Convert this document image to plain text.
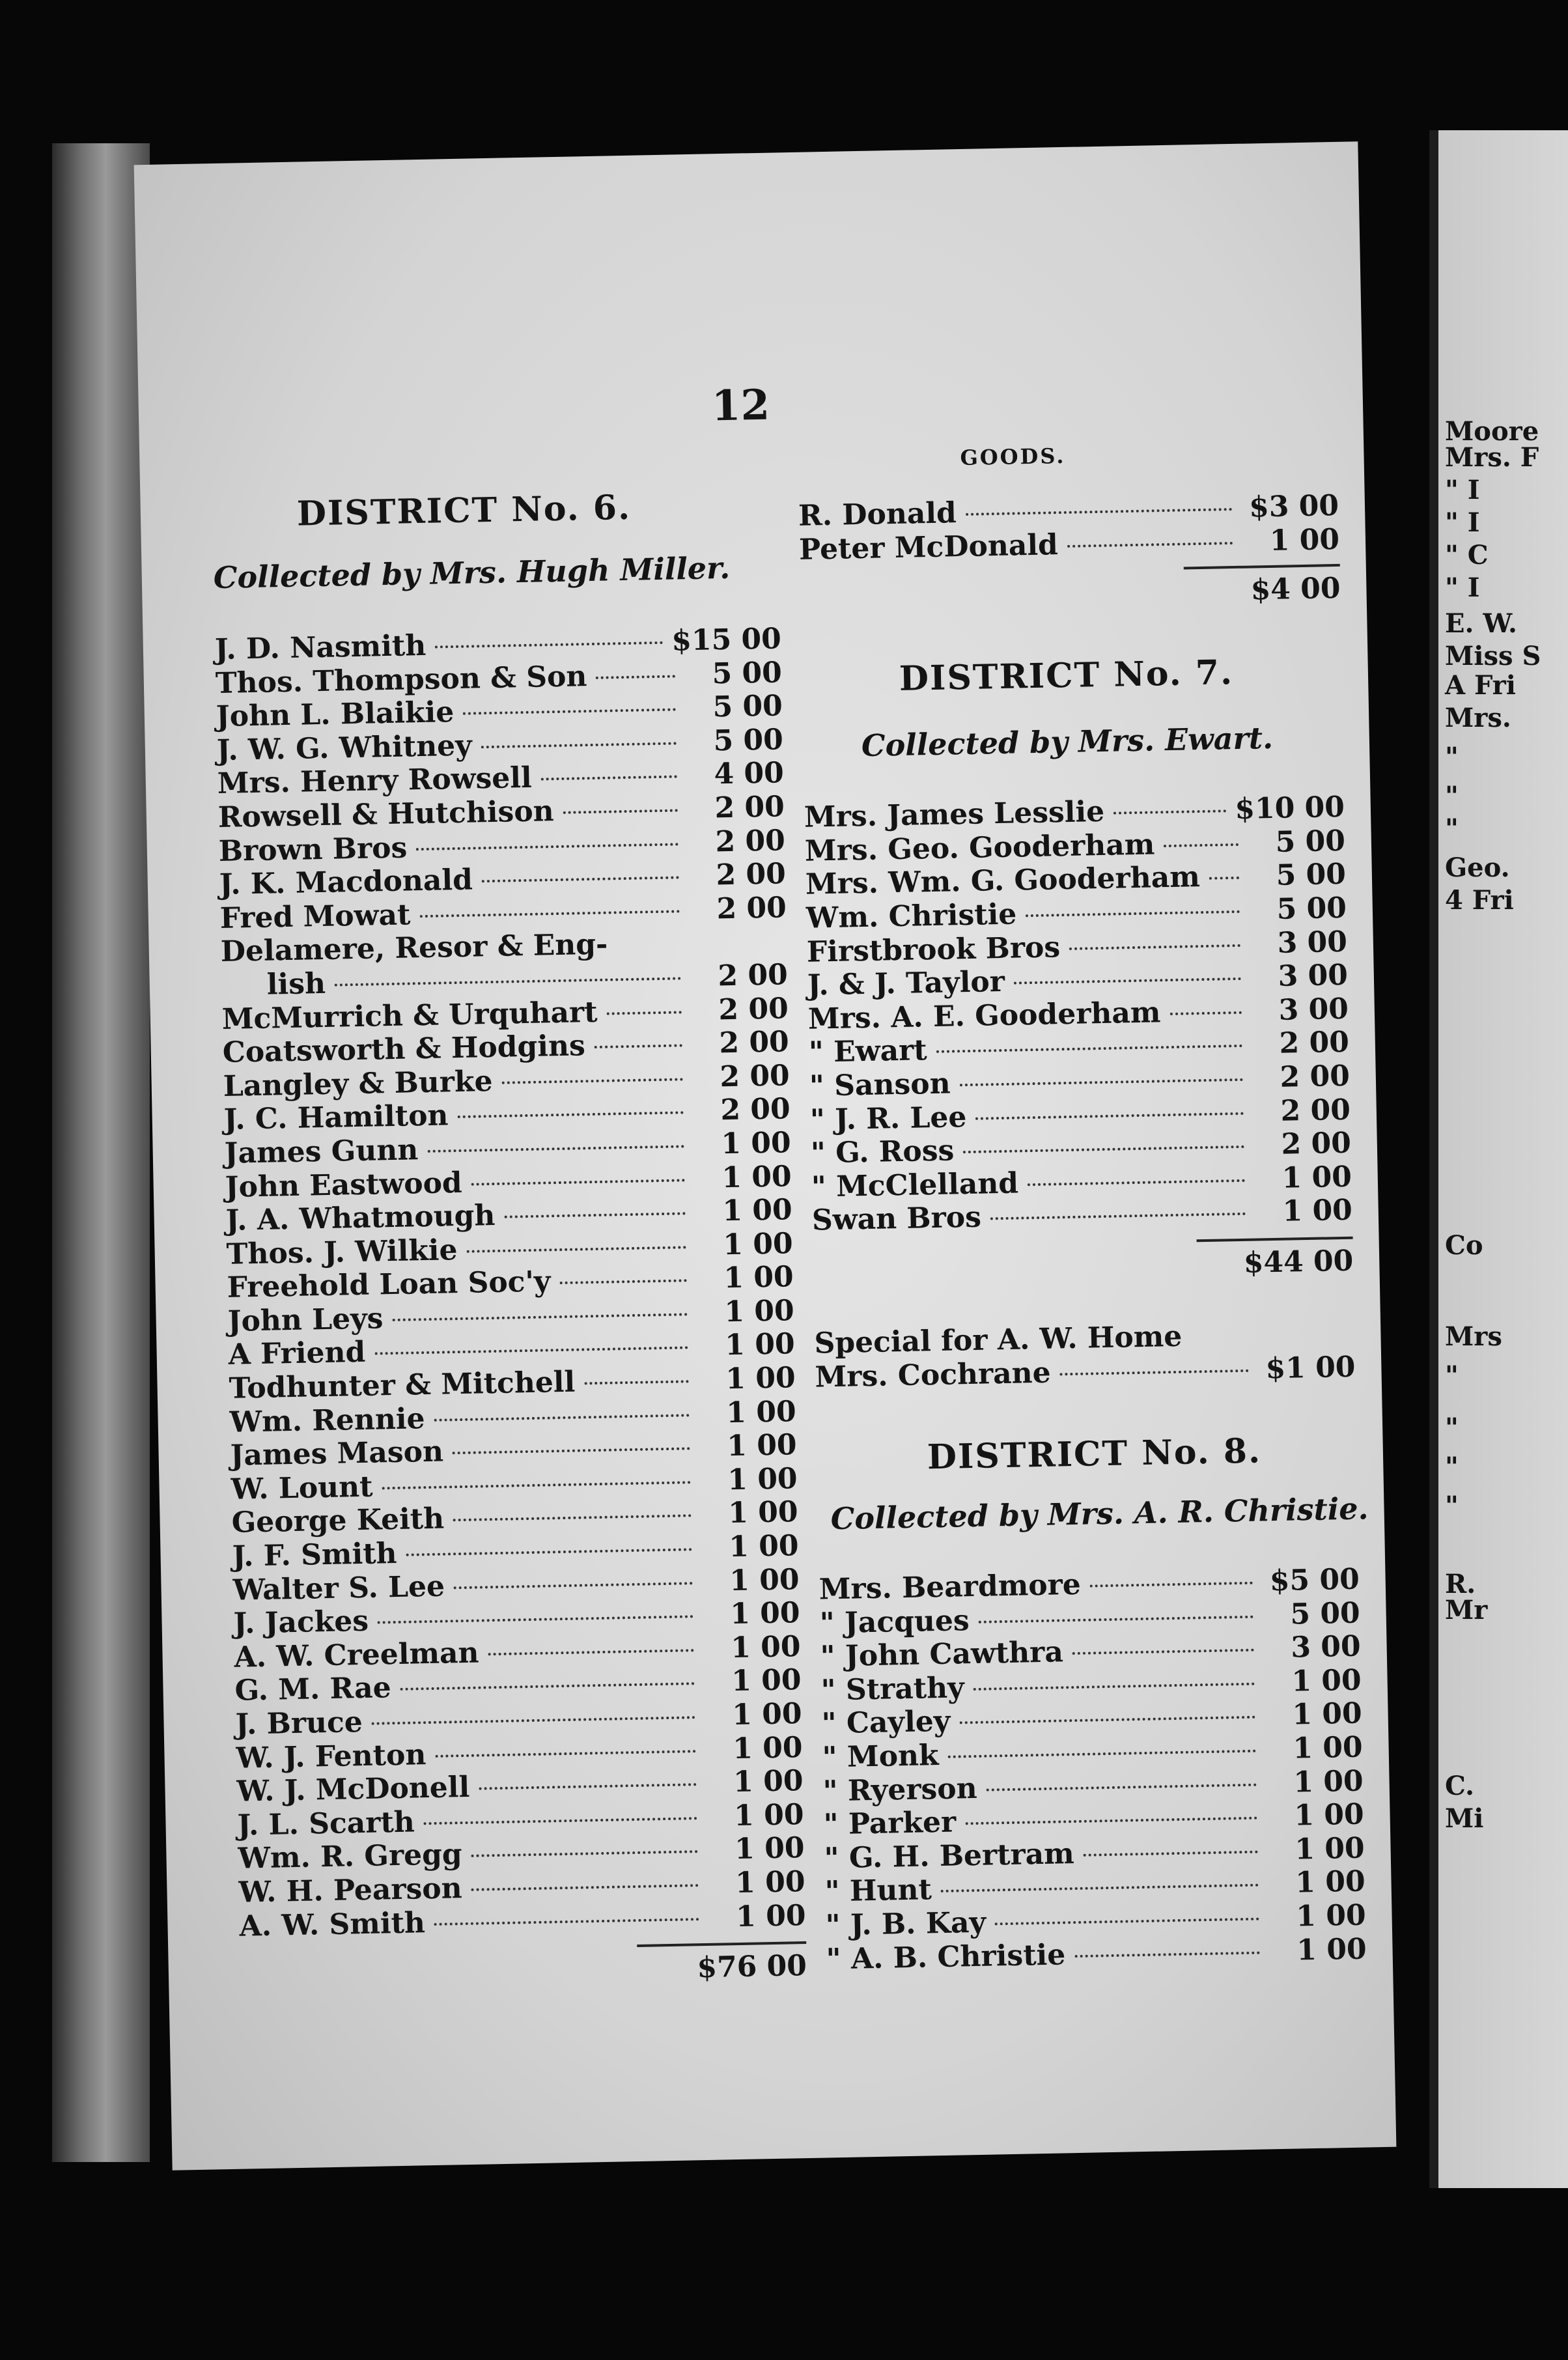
Moore
Mrs. F
" I
" I
" C
" I
E. W.
Miss S
A Fri
Mrs.
"
"
"
Geo.
4 Fri
Co
Mrs
"
"
"
"
R.
Mr
C.
Mi
12
DISTRICT No. 6.
Collected by Mrs. Hugh Miller.
J. D. Nasmith	$15 00
Thos. Thompson & Son	5 00
John L. Blaikie	5 00
J. W. G. Whitney	5 00
Mrs. Henry Rowsell	4 00
Rowsell & Hutchison	2 00
Brown Bros	2 00
J. K. Macdonald	2 00
Fred Mowat	2 00
Delamere, Resor & Eng-
lish	2 00
McMurrich & Urquhart	2 00
Coatsworth & Hodgins	2 00
Langley & Burke	2 00
J. C. Hamilton	2 00
James Gunn	1 00
John Eastwood	1 00
J. A. Whatmough	1 00
Thos. J. Wilkie	1 00
Freehold Loan Soc'y	1 00
John Leys	1 00
A Friend	1 00
Todhunter & Mitchell	1 00
Wm. Rennie	1 00
James Mason	1 00
W. Lount	1 00
George Keith	1 00
J. F. Smith	1 00
Walter S. Lee	1 00
J. Jackes	1 00
A. W. Creelman	1 00
G. M. Rae	1 00
J. Bruce	1 00
W. J. Fenton	1 00
W. J. McDonell	1 00
J. L. Scarth	1 00
Wm. R. Gregg	1 00
W. H. Pearson	1 00
A. W. Smith	1 00
$76 00
GOODS.
R. Donald	$3 00
Peter McDonald	1 00
$4 00
DISTRICT No. 7.
Collected by Mrs. Ewart.
Mrs. James Lesslie	$10 00
Mrs. Geo. Gooderham	5 00
Mrs. Wm. G. Gooderham	5 00
Wm. Christie	5 00
Firstbrook Bros	3 00
J. & J. Taylor	3 00
Mrs. A. E. Gooderham	3 00
" Ewart	2 00
" Sanson	2 00
" J. R. Lee	2 00
" G. Ross	2 00
" McClelland	1 00
Swan Bros	1 00
$44 00
Special for A. W. Home
Mrs. Cochrane	$1 00
DISTRICT No. 8.
Collected by Mrs. A. R. Christie.
Mrs. Beardmore	$5 00
" Jacques	5 00
" John Cawthra	3 00
" Strathy	1 00
" Cayley	1 00
" Monk	1 00
" Ryerson	1 00
" Parker	1 00
" G. H. Bertram	1 00
" Hunt	1 00
" J. B. Kay	1 00
" A. B. Christie	1 00
